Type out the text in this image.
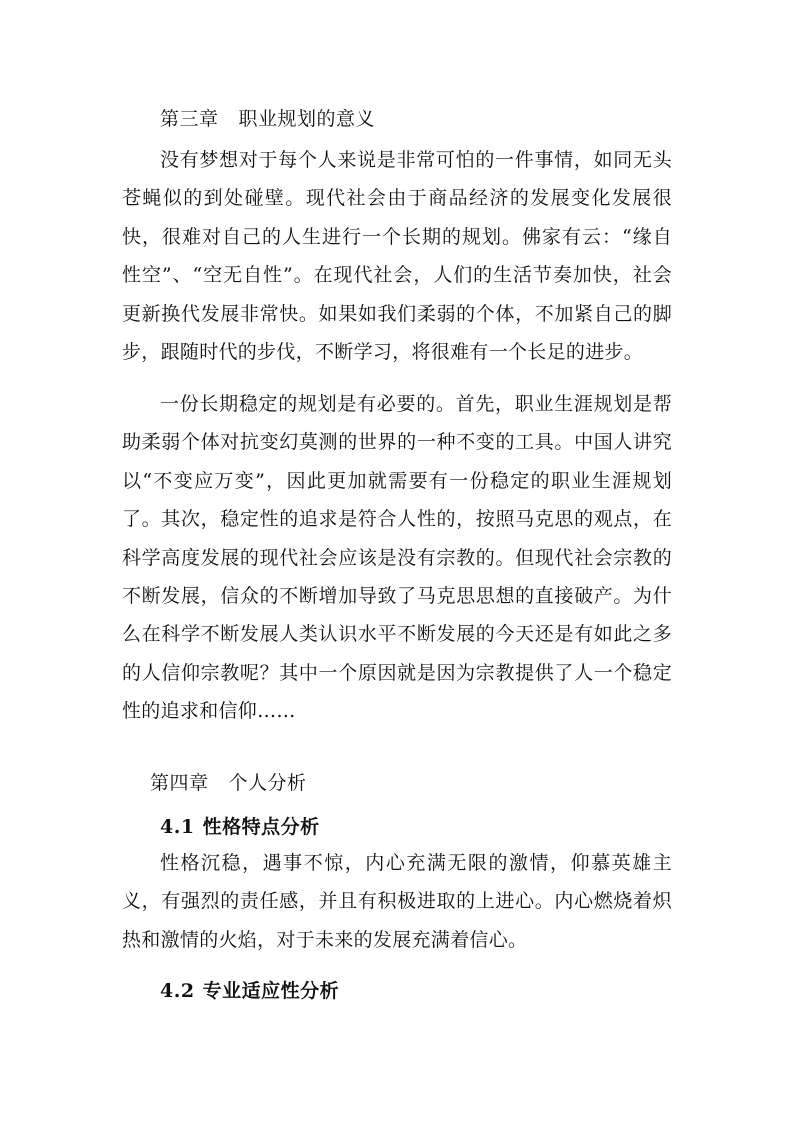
第三章 职业规划的意义

没有梦想对于每个人来说是非常可怕的一件事情，如同无头苍蝇似的到处碰壁。现代社会由于商品经济的发展变化发展很快，很难对自己的人生进行一个长期的规划。佛家有云：“缘自性空”、“空无自性”。在现代社会，人们的生活节奏加快，社会更新换代发展非常快。如果如我们柔弱的个体，不加紧自己的脚步，跟随时代的步伐，不断学习，将很难有一个长足的进步。

一份长期稳定的规划是有必要的。首先，职业生涯规划是帮助柔弱个体对抗变幻莫测的世界的一种不变的工具。中国人讲究以“不变应万变”，因此更加就需要有一份稳定的职业生涯规划了。其次，稳定性的追求是符合人性的，按照马克思的观点，在科学高度发展的现代社会应该是没有宗教的。但现代社会宗教的不断发展，信众的不断增加导致了马克思思想的直接破产。为什么在科学不断发展人类认识水平不断发展的今天还是有如此之多的人信仰宗教呢？其中一个原因就是因为宗教提供了人一个稳定性的追求和信仰……

第四章 个人分析
4.1 性格特点分析

性格沉稳，遇事不惊，内心充满无限的激情，仰慕英雄主义，有强烈的责任感，并且有积极进取的上进心。内心燃烧着炽热和激情的火焰，对于未来的发展充满着信心。

4.2 专业适应性分析
